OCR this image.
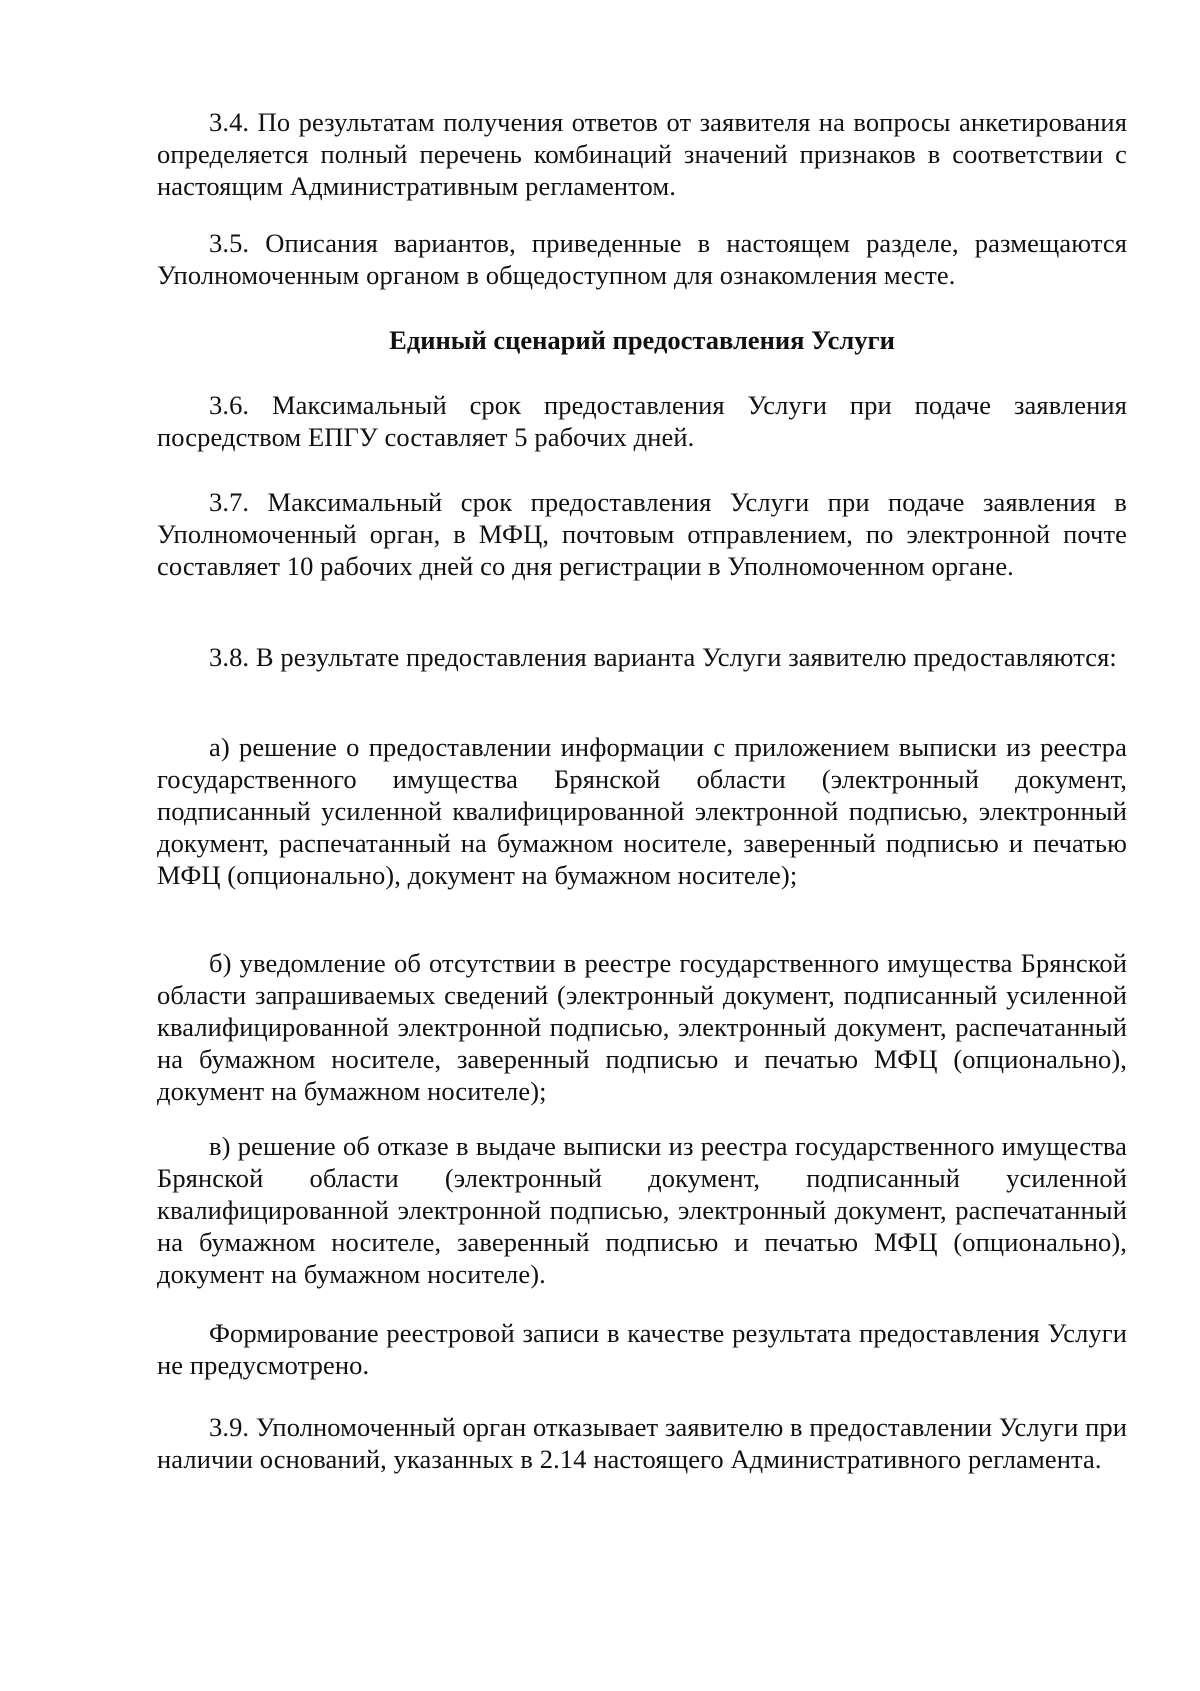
3.4. По результатам получения ответов от заявителя на вопросы анкетирования определяется полный перечень комбинаций значений признаков в соответствии с настоящим Административным регламентом.

3.5. Описания вариантов, приведенные в настоящем разделе, размещаются Уполномоченным органом в общедоступном для ознакомления месте.

Единый сценарий предоставления Услуги

3.6. Максимальный срок предоставления Услуги при подаче заявления посредством ЕПГУ составляет 5 рабочих дней.

3.7. Максимальный срок предоставления Услуги при подаче заявления в Уполномоченный орган, в МФЦ, почтовым отправлением, по электронной почте составляет 10 рабочих дней со дня регистрации в Уполномоченном органе.

3.8. В результате предоставления варианта Услуги заявителю предоставляются:

а) решение о предоставлении информации с приложением выписки из реестра государственного имущества Брянской области (электронный документ, подписанный усиленной квалифицированной электронной подписью, электронный документ, распечатанный на бумажном носителе, заверенный подписью и печатью МФЦ (опционально), документ на бумажном носителе);

б) уведомление об отсутствии в реестре государственного имущества Брянской области запрашиваемых сведений (электронный документ, подписанный усиленной квалифицированной электронной подписью, электронный документ, распечатанный на бумажном носителе, заверенный подписью и печатью МФЦ (опционально), документ на бумажном носителе);

в) решение об отказе в выдаче выписки из реестра государственного имущества Брянской области (электронный документ, подписанный усиленной квалифицированной электронной подписью, электронный документ, распечатанный на бумажном носителе, заверенный подписью и печатью МФЦ (опционально), документ на бумажном носителе).

Формирование реестровой записи в качестве результата предоставления Услуги не предусмотрено.

3.9. Уполномоченный орган отказывает заявителю в предоставлении Услуги при наличии оснований, указанных в 2.14 настоящего Административного регламента.
